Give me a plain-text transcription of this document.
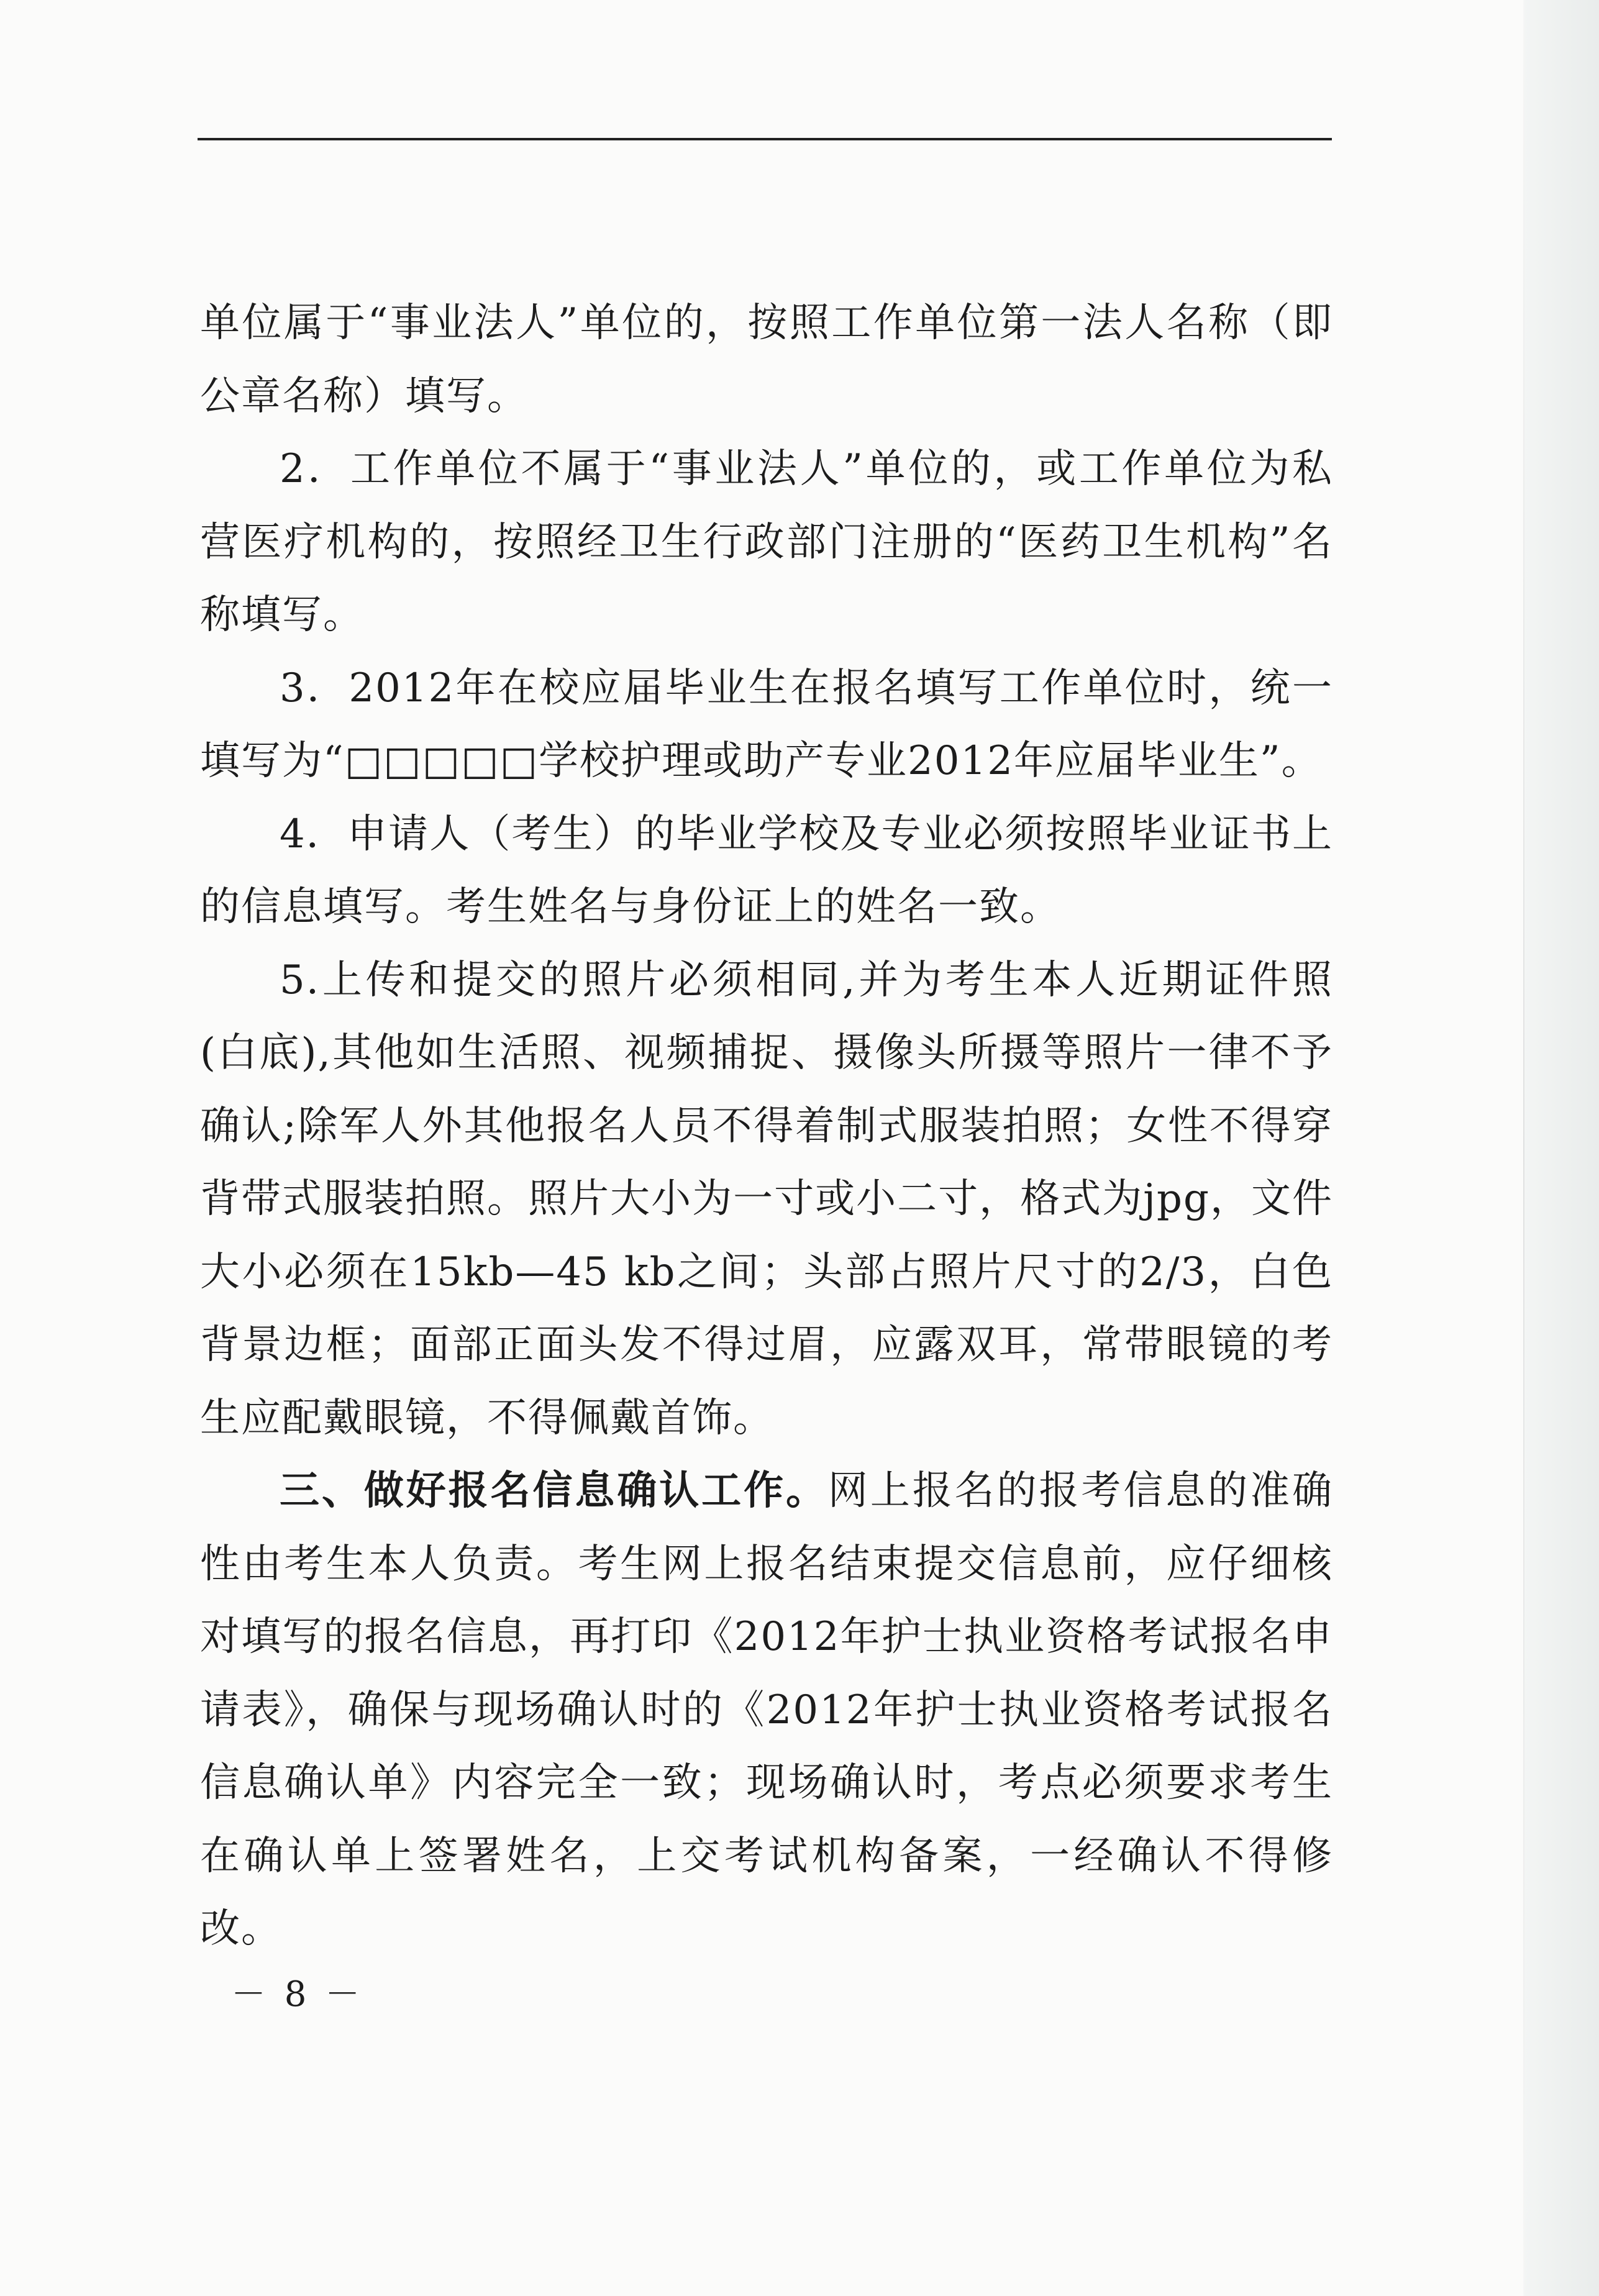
单位属于“事业法人”单位的，按照工作单位第一法人名称（即公章名称）填写。

2．工作单位不属于“事业法人”单位的，或工作单位为私营医疗机构的，按照经卫生行政部门注册的“医药卫生机构”名称填写。

3．2012年在校应届毕业生在报名填写工作单位时，统一填写为“□□□□□学校护理或助产专业2012年应届毕业生”。

4．申请人（考生）的毕业学校及专业必须按照毕业证书上的信息填写。考生姓名与身份证上的姓名一致。

5.上传和提交的照片必须相同,并为考生本人近期证件照(白底),其他如生活照、视频捕捉、摄像头所摄等照片一律不予确认;除军人外其他报名人员不得着制式服装拍照；女性不得穿背带式服装拍照。照片大小为一寸或小二寸，格式为jpg，文件大小必须在15kb—45 kb之间；头部占照片尺寸的2/3，白色背景边框；面部正面头发不得过眉，应露双耳，常带眼镜的考生应配戴眼镜，不得佩戴首饰。

三、做好报名信息确认工作。网上报名的报考信息的准确性由考生本人负责。考生网上报名结束提交信息前，应仔细核对填写的报名信息，再打印《2012年护士执业资格考试报名申请表》，确保与现场确认时的《2012年护士执业资格考试报名信息确认单》内容完全一致；现场确认时，考点必须要求考生在确认单上签署姓名，上交考试机构备案，一经确认不得修改。

－ 8 －
